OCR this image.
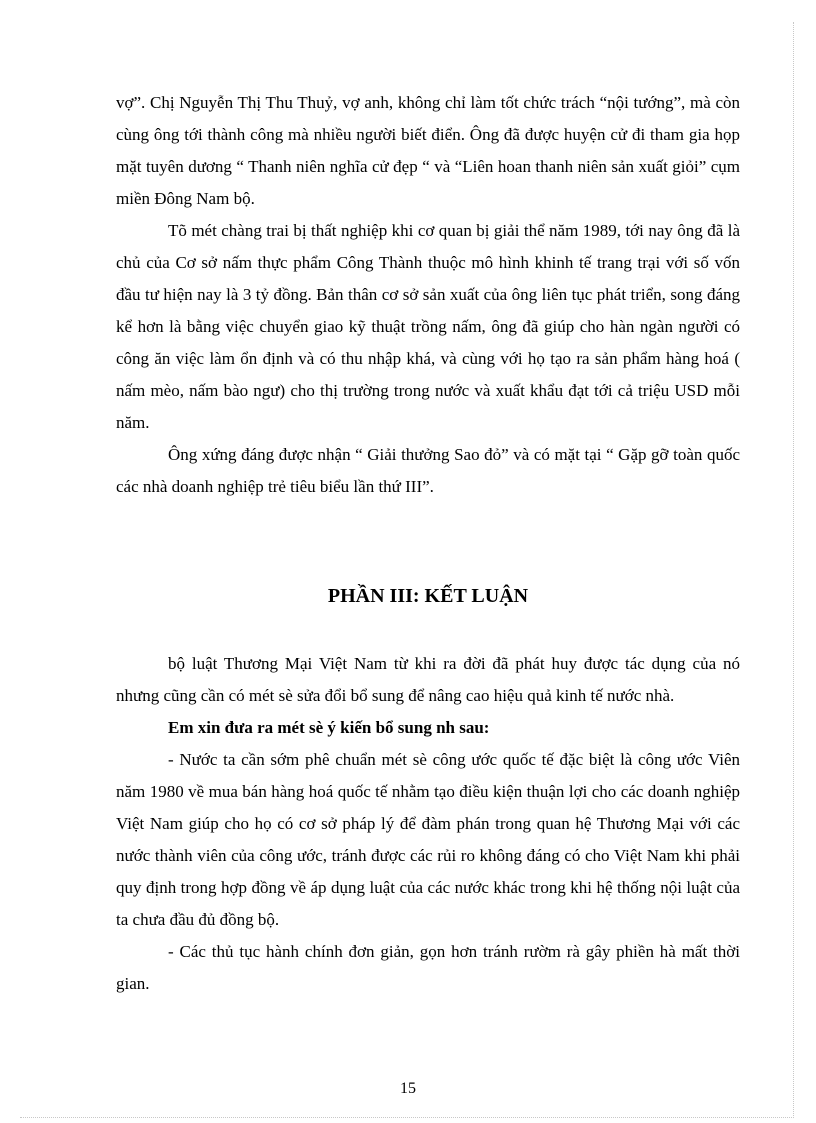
vợ”. Chị Nguyễn Thị Thu Thuỷ, vợ anh, không chỉ làm tốt chức trách “nội tướng”, mà còn cùng ông tới thành công mà nhiều người biết điển. Ông đã được huyện cử đi tham gia họp mặt tuyên dương “ Thanh niên nghĩa cử đẹp “ và “Liên hoan thanh niên sản xuất giỏi” cụm miền Đông Nam bộ.

Tõ mét chàng trai bị thất nghiệp khi cơ quan bị giải thể năm 1989, tới nay ông đã là chủ của Cơ sở nấm thực phẩm Công Thành thuộc mô hình khinh tế trang trại với số vốn đầu tư hiện nay là 3 tỷ đồng. Bản thân cơ sở sản xuất của ông liên tục phát triển, song đáng kể hơn là bằng việc chuyển giao kỹ thuật trồng nấm, ông đã giúp cho hàn ngàn người có công ăn việc làm ổn định và có thu nhập khá, và cùng với họ tạo ra sản phẩm hàng hoá ( nấm mèo, nấm bào ngư) cho thị trường trong nước và xuất khẩu đạt tới cả triệu USD mỗi năm.

Ông xứng đáng được nhận “ Giải thưởng Sao đỏ” và có mặt tại “ Gặp gỡ toàn quốc các nhà doanh nghiệp trẻ tiêu biểu lần thứ III”.

PHẦN III: KẾT LUẬN

bộ luật Thương Mại Việt Nam từ khi ra đời đã phát huy được tác dụng của nó nhưng cũng cần có mét sè sửa đổi bổ sung để nâng cao hiệu quả kinh tế nước nhà.

Em xin đưa ra mét sè ý kiến bổ sung nh sau:

- Nước ta cần sớm phê chuẩn mét sè công ước quốc tế đặc biệt là công ước Viên năm 1980 về mua bán hàng hoá quốc tế nhằm tạo điều kiện thuận lợi cho các doanh nghiệp Việt Nam giúp cho họ có cơ sở pháp lý để đàm phán trong quan hệ Thương Mại với các nước thành viên của công ước, tránh được các rủi ro không đáng có cho Việt Nam khi phải quy định trong hợp đồng về áp dụng luật của các nước khác trong khi hệ thống nội luật của ta chưa đầu đủ đồng bộ.

- Các thủ tục hành chính đơn giản, gọn hơn tránh rườm rà gây phiền hà mất thời gian.

15
